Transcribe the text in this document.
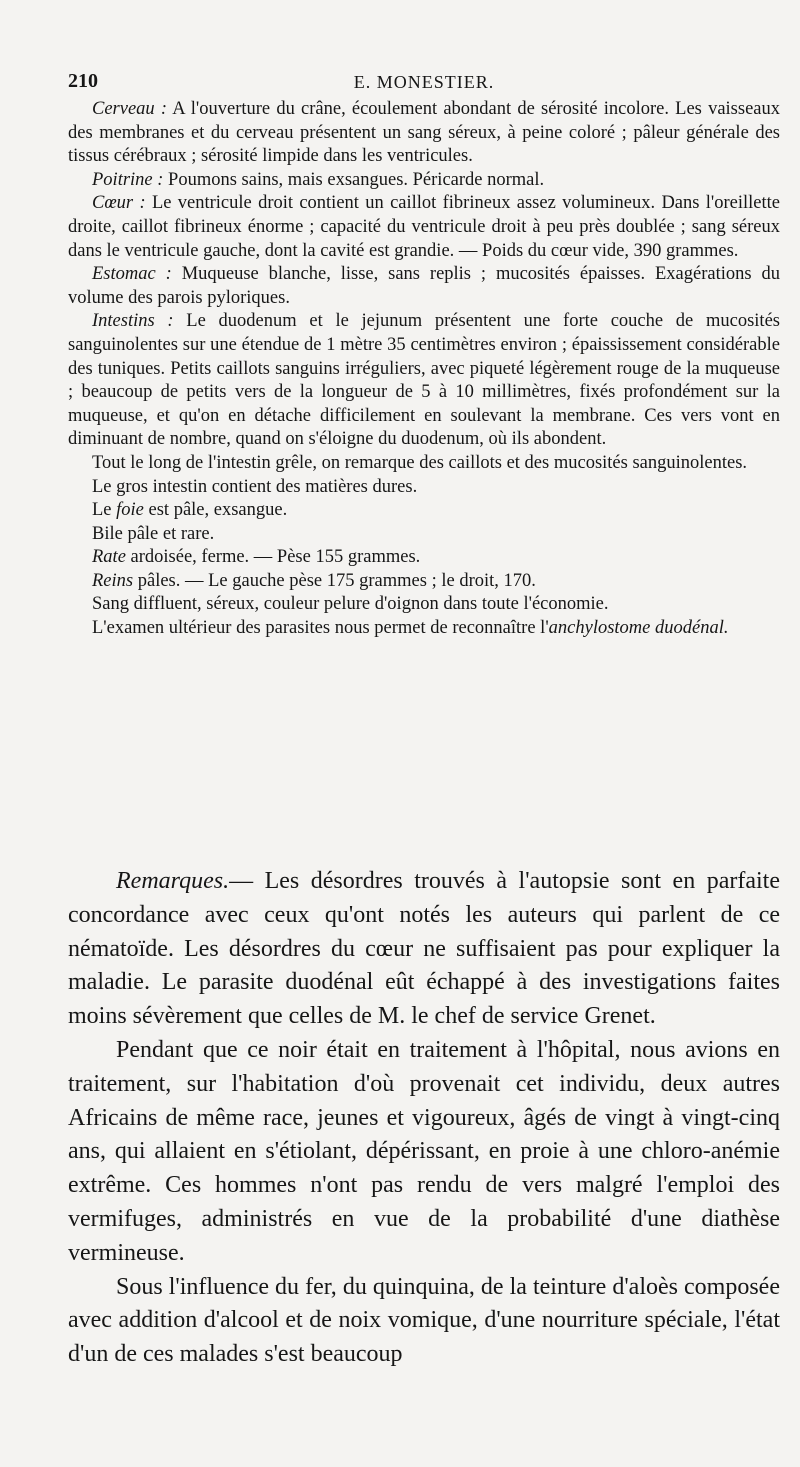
210	E. MONESTIER.

Cerveau : A l'ouverture du crâne, écoulement abondant de sérosité incolore. Les vaisseaux des membranes et du cerveau présentent un sang séreux, à peine coloré ; pâleur générale des tissus cérébraux ; sérosité limpide dans les ventricules.

Poitrine : Poumons sains, mais exsangues. Péricarde normal.

Cœur : Le ventricule droit contient un caillot fibrineux assez volumineux. Dans l'oreillette droite, caillot fibrineux énorme ; capacité du ventricule droit à peu près doublée ; sang séreux dans le ventricule gauche, dont la cavité est grandie. — Poids du cœur vide, 390 grammes.

Estomac : Muqueuse blanche, lisse, sans replis ; mucosités épaisses. Exagérations du volume des parois pyloriques.

Intestins : Le duodenum et le jejunum présentent une forte couche de mucosités sanguinolentes sur une étendue de 1 mètre 35 centimètres environ ; épaississement considérable des tuniques. Petits caillots sanguins irréguliers, avec piqueté légèrement rouge de la muqueuse ; beaucoup de petits vers de la longueur de 5 à 10 millimètres, fixés profondément sur la muqueuse, et qu'on en détache difficilement en soulevant la membrane. Ces vers vont en diminuant de nombre, quand on s'éloigne du duodenum, où ils abondent.

Tout le long de l'intestin grêle, on remarque des caillots et des mucosités sanguinolentes.

Le gros intestin contient des matières dures.

Le foie est pâle, exsangue.

Bile pâle et rare.

Rate ardoisée, ferme. — Pèse 155 grammes.

Reins pâles. — Le gauche pèse 175 grammes ; le droit, 170.

Sang diffluent, séreux, couleur pelure d'oignon dans toute l'économie.

L'examen ultérieur des parasites nous permet de reconnaître l'anchylostome duodénal.

Remarques.— Les désordres trouvés à l'autopsie sont en parfaite concordance avec ceux qu'ont notés les auteurs qui parlent de ce nématoïde. Les désordres du cœur ne suffisaient pas pour expliquer la maladie. Le parasite duodénal eût échappé à des investigations faites moins sévèrement que celles de M. le chef de service Grenet.

Pendant que ce noir était en traitement à l'hôpital, nous avions en traitement, sur l'habitation d'où provenait cet individu, deux autres Africains de même race, jeunes et vigoureux, âgés de vingt à vingt-cinq ans, qui allaient en s'étiolant, dépérissant, en proie à une chloro-anémie extrême. Ces hommes n'ont pas rendu de vers malgré l'emploi des vermifuges, administrés en vue de la probabilité d'une diathèse vermineuse.

Sous l'influence du fer, du quinquina, de la teinture d'aloès composée avec addition d'alcool et de noix vomique, d'une nourriture spéciale, l'état d'un de ces malades s'est beaucoup
